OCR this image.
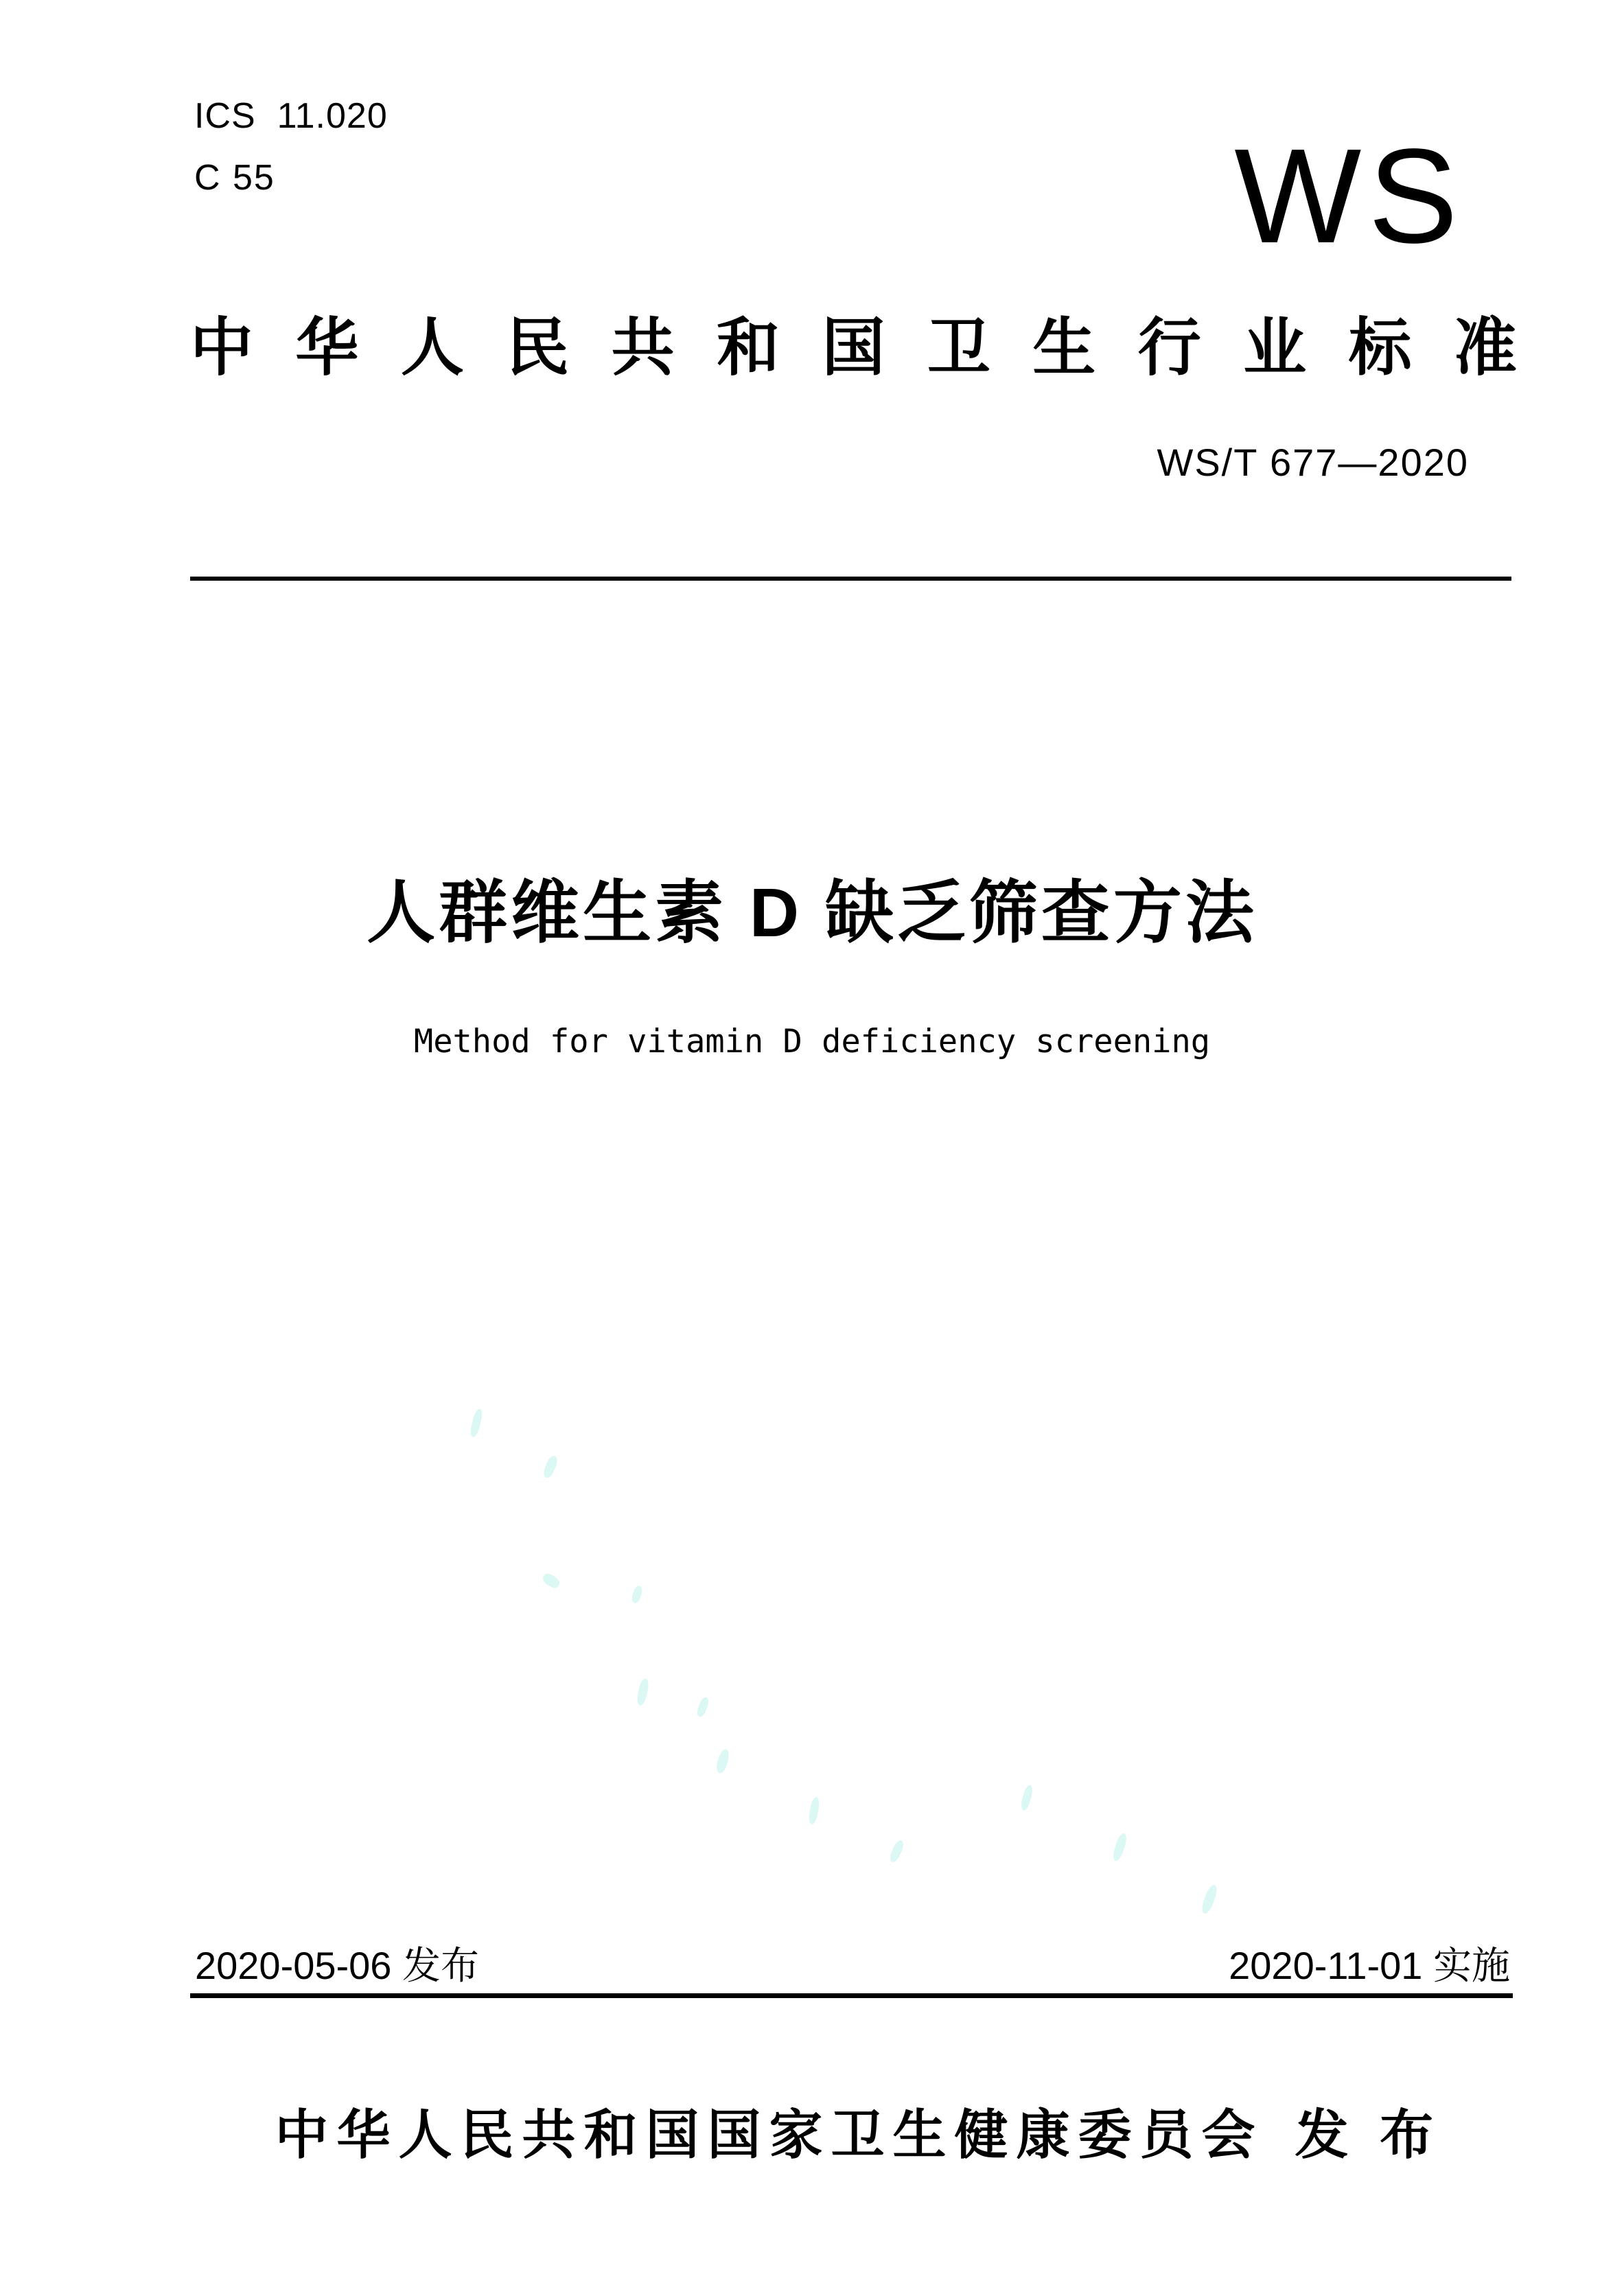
ICS  11.020
C 55	WS
中 华 人 民 共 和 国 卫 生 行 业 标 准
WS/T 677—2020
人群维生素 D 缺乏筛查方法
Method for vitamin D deficiency screening
2020-05-06 发布	2020-11-01 实施

中华人民共和国国家卫生健康委员会 发 布
